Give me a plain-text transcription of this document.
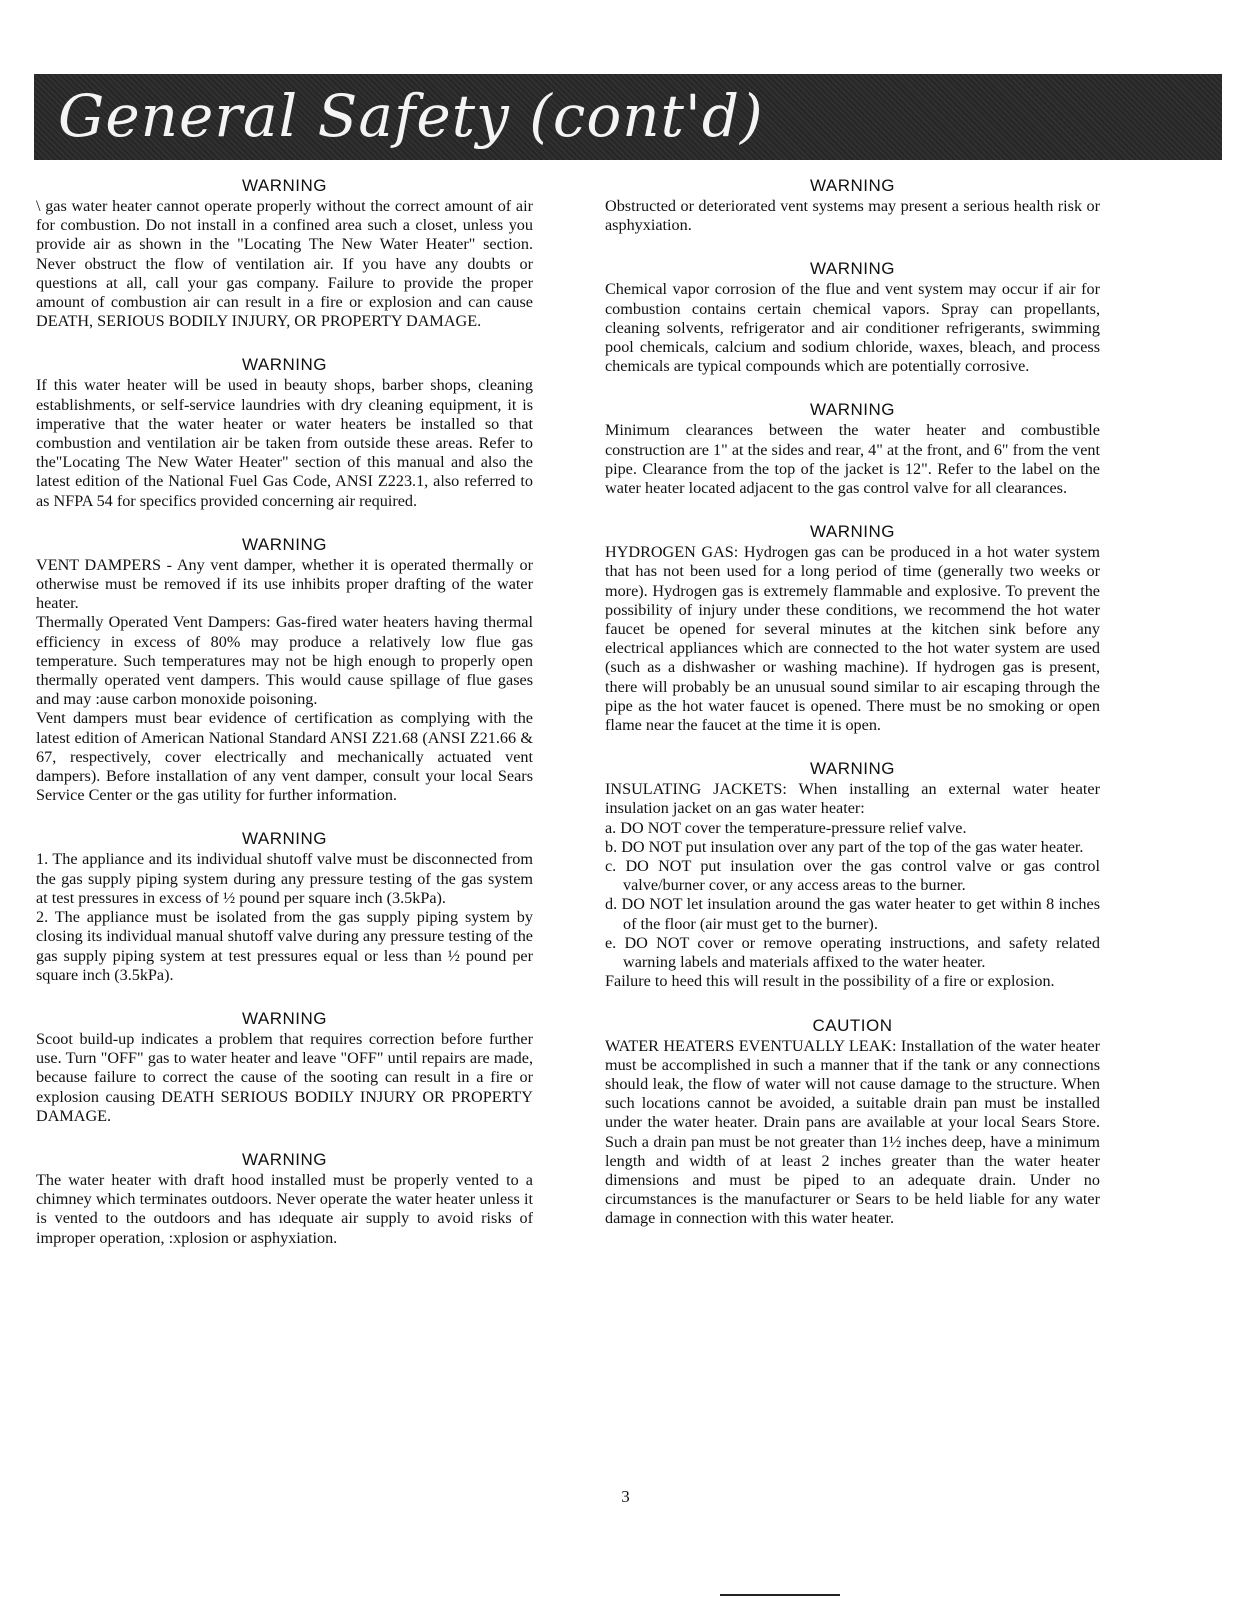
General Safety (cont'd)
WARNING

\ gas water heater cannot operate properly without the correct amount of air for combustion. Do not install in a confined area such a closet, unless you provide air as shown in the "Locating The New Water Heater" section. Never obstruct the flow of ventilation air. If you have any doubts or questions at all, call your gas company. Failure to provide the proper amount of combustion air can result in a fire or explosion and can cause DEATH, SERIOUS BODILY INJURY, OR PROPERTY DAMAGE.

WARNING

If this water heater will be used in beauty shops, barber shops, cleaning establishments, or self-service laundries with dry cleaning equipment, it is imperative that the water heater or water heaters be installed so that combustion and ventilation air be taken from outside these areas. Refer to the"Locating The New Water Heater" section of this manual and also the latest edition of the National Fuel Gas Code, ANSI Z223.1, also referred to as NFPA 54 for specifics provided concerning air required.

WARNING

VENT DAMPERS - Any vent damper, whether it is operated thermally or otherwise must be removed if its use inhibits proper drafting of the water heater.

Thermally Operated Vent Dampers: Gas-fired water heaters having thermal efficiency in excess of 80% may produce a relatively low flue gas temperature. Such temperatures may not be high enough to properly open thermally operated vent dampers. This would cause spillage of flue gases and may :ause carbon monoxide poisoning.

Vent dampers must bear evidence of certification as complying with the latest edition of American National Standard ANSI Z21.68 (ANSI Z21.66 & 67, respectively, cover electrically and mechanically actuated vent dampers). Before installation of any vent damper, consult your local Sears Service Center or the gas utility for further information.

WARNING

1. The appliance and its individual shutoff valve must be disconnected from the gas supply piping system during any pressure testing of the gas system at test pressures in excess of ½ pound per square inch (3.5kPa).

2. The appliance must be isolated from the gas supply piping system by closing its individual manual shutoff valve during any pressure testing of the gas supply piping system at test pressures equal or less than ½ pound per square inch (3.5kPa).

WARNING

Scoot build-up indicates a problem that requires correction before further use. Turn "OFF" gas to water heater and leave "OFF" until repairs are made, because failure to correct the cause of the sooting can result in a fire or explosion causing DEATH SERIOUS BODILY INJURY OR PROPERTY DAMAGE.

WARNING

The water heater with draft hood installed must be properly vented to a chimney which terminates outdoors. Never operate the water heater unless it is vented to the outdoors and has ıdequate air supply to avoid risks of improper operation, :xplosion or asphyxiation.

WARNING

Obstructed or deteriorated vent systems may present a serious health risk or asphyxiation.

WARNING

Chemical vapor corrosion of the flue and vent system may occur if air for combustion contains certain chemical vapors. Spray can propellants, cleaning solvents, refrigerator and air conditioner refrigerants, swimming pool chemicals, calcium and sodium chloride, waxes, bleach, and process chemicals are typical compounds which are potentially corrosive.

WARNING

Minimum clearances between the water heater and combustible construction are 1" at the sides and rear, 4" at the front, and 6" from the vent pipe. Clearance from the top of the jacket is 12". Refer to the label on the water heater located adjacent to the gas control valve for all clearances.

WARNING

HYDROGEN GAS: Hydrogen gas can be produced in a hot water system that has not been used for a long period of time (generally two weeks or more). Hydrogen gas is extremely flammable and explosive. To prevent the possibility of injury under these conditions, we recommend the hot water faucet be opened for several minutes at the kitchen sink before any electrical appliances which are connected to the hot water system are used (such as a dishwasher or washing machine). If hydrogen gas is present, there will probably be an unusual sound similar to air escaping through the pipe as the hot water faucet is opened. There must be no smoking or open flame near the faucet at the time it is open.

WARNING

INSULATING JACKETS: When installing an external water heater insulation jacket on an gas water heater:

a. DO NOT cover the temperature-pressure relief valve.
b. DO NOT put insulation over any part of the top of the gas water heater.
c. DO NOT put insulation over the gas control valve or gas control valve/burner cover, or any access areas to the burner.
d. DO NOT let insulation around the gas water heater to get within 8 inches of the floor (air must get to the burner).
e. DO NOT cover or remove operating instructions, and safety related warning labels and materials affixed to the water heater.

Failure to heed this will result in the possibility of a fire or explosion.

CAUTION

WATER HEATERS EVENTUALLY LEAK: Installation of the water heater must be accomplished in such a manner that if the tank or any connections should leak, the flow of water will not cause damage to the structure. When such locations cannot be avoided, a suitable drain pan must be installed under the water heater. Drain pans are available at your local Sears Store. Such a drain pan must be not greater than 1½ inches deep, have a minimum length and width of at least 2 inches greater than the water heater dimensions and must be piped to an adequate drain. Under no circumstances is the manufacturer or Sears to be held liable for any water damage in connection with this water heater.

3
